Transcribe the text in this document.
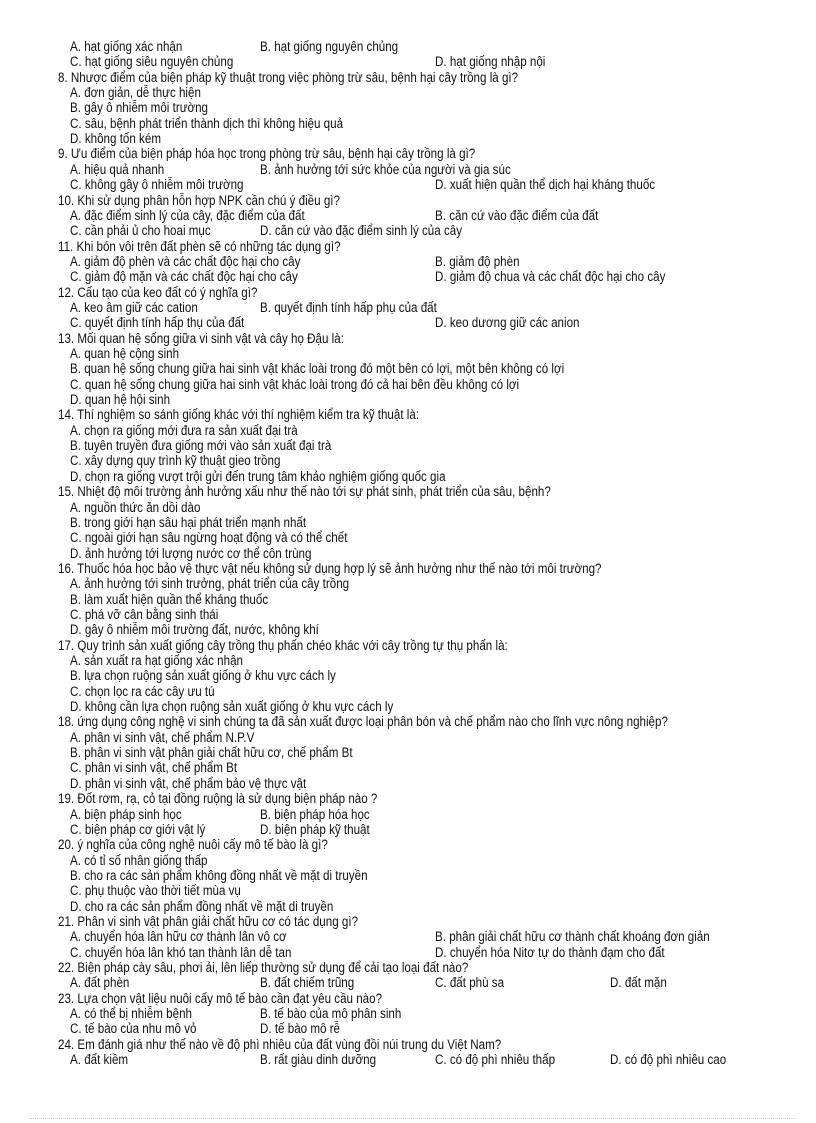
A. hạt giống xác nhận	B. hạt giống nguyên chủng
C. hạt giống siêu nguyên chủng	D. hạt giống nhập nội
8. Nhược điểm của biện pháp kỹ thuật trong việc phòng trừ sâu, bệnh hại cây trồng là gì?
A. đơn giản, dễ thực hiện
B. gây ô nhiễm môi trường
C. sâu, bệnh phát triển thành dịch thì không hiệu quả
D. không tốn kém
9. Ưu điểm của biện pháp hóa học trong phòng trừ sâu, bệnh hại cây trồng là gì?
A. hiệu quả nhanh	B. ảnh hưởng tới sức khỏe của người và gia súc
C. không gây ô nhiễm môi trường	D. xuất hiện quần thể dịch hại kháng thuốc
10. Khi sử dụng phân hỗn hợp NPK cần chú ý điều gì?
A. đặc điểm sinh lý của cây, đặc điểm của đất	B. căn cứ vào đặc điểm của đất
C. cần phải ủ cho hoai mục	D. căn cứ vào đặc điểm sinh lý của cây
11. Khi bón vôi trên đất phèn sẽ có những tác dụng gì?
A. giảm độ phèn và các chất độc hại cho cây	B. giảm độ phèn
C. giảm độ mặn và các chất độc hại cho cây	D. giảm độ chua và các chất độc hại cho cây
12. Cấu tạo của keo đất có ý nghĩa gì?
A. keo âm giữ các cation	B. quyết định tính hấp phụ của đất
C. quyết định tính hấp thụ của đất	D. keo dương giữ các anion
13. Mối quan hệ sống giữa vi sinh vật và cây họ Đậu là:
A. quan hệ cộng sinh
B. quan hệ sống chung giữa hai sinh vật khác loài trong đó một bên có lợi, một bên không có lợi
C. quan hệ sống chung giữa hai sinh vật khác loài trong đó cả hai bên đều không có lợi
D. quan hệ hội sinh
14. Thí nghiệm so sánh giống khác với thí nghiệm kiểm tra kỹ thuật là:
A. chọn ra giống mới đưa ra sản xuất đại trà
B. tuyên truyền đưa giống mới vào sản xuất đại trà
C. xây dựng quy trình kỹ thuật gieo trồng
D. chọn ra giống vượt trội gửi đến trung tâm khảo nghiệm giống quốc gia
15. Nhiệt độ môi trường ảnh hưởng xấu như thế nào tới sự phát sinh, phát triển của sâu, bệnh?
A. nguồn thức ăn dồi dào
B. trong giới hạn sâu hại phát triển mạnh nhất
C. ngoài giới hạn sâu ngừng hoạt động và có thể chết
D. ảnh hưởng tới lượng nước cơ thể côn trùng
16. Thuốc hóa học bảo vệ thực vật nếu không sử dụng hợp lý sẽ ảnh hưởng như thế nào tới môi trường?
A. ảnh hưởng tới sinh trưởng, phát triển của cây trồng
B. làm xuất hiện quần thể kháng thuốc
C. phá vỡ cân bằng sinh thái
D. gây ô nhiễm môi trường đất, nước, không khí
17. Quy trình sản xuất giống cây trồng thụ phấn chéo khác với cây trồng tự thụ phấn là:
A. sản xuất ra hạt giống xác nhận
B. lựa chọn ruộng sản xuất giống ở khu vực cách ly
C. chọn lọc ra các cây ưu tú
D. không cần lựa chọn ruộng sản xuất giống ở khu vực cách ly
18. ứng dụng công nghệ vi sinh chúng ta đã sản xuất được loại phân bón và chế phẩm nào cho lĩnh vực nông nghiệp?
A. phân vi sinh vật, chế phẩm N.P.V
B. phân vi sinh vật phân giải chất hữu cơ, chế phẩm Bt
C. phân vi sinh vật, chế phẩm Bt
D. phân vi sinh vật, chế phẩm bảo vệ thực vật
19. Đốt rơm, rạ, cỏ tại đồng ruộng là sử dụng biện pháp nào ?
A. biện pháp sinh học	B. biện pháp hóa học
C. biện pháp cơ giới vật lý	D. biện pháp kỹ thuật
20. ý nghĩa của công nghệ nuôi cấy mô tế bào là gì?
A. có tỉ số nhân giống thấp
B. cho ra các sản phẩm không đồng nhất về mặt di truyền
C. phụ thuộc vào thời tiết mùa vụ
D. cho ra các sản phẩm đồng nhất về mặt di truyền
21. Phân vi sinh vật phân giải chất hữu cơ có tác dụng gì?
A. chuyển hóa lân hữu cơ thành lân vô cơ	B. phân giải chất hữu cơ thành chất khoáng đơn giản
C. chuyển hóa lân khó tan thành lân dễ tan	D. chuyển hóa Nitơ tự do thành đạm cho đất
22. Biện pháp cày sâu, phơi ải, lên liếp thường sử dụng để cải tạo loại đất nào?
A. đất phèn	B. đất chiếm trũng	C. đất phù sa	D. đất mặn
23. Lựa chọn vật liệu nuôi cấy mô tế bào cần đạt yêu cầu nào?
A. có thể bị nhiễm bệnh	B. tế bào của mô phân sinh
C. tế bào của nhu mô vỏ	D. tế bào mô rễ
24. Em đánh giá như thế nào về độ phì nhiêu của đất vùng đồi núi trung du Việt Nam?
A. đất kiềm	B. rất giàu dinh dưỡng	C. có độ phì nhiêu thấp	D. có độ phì nhiêu cao
